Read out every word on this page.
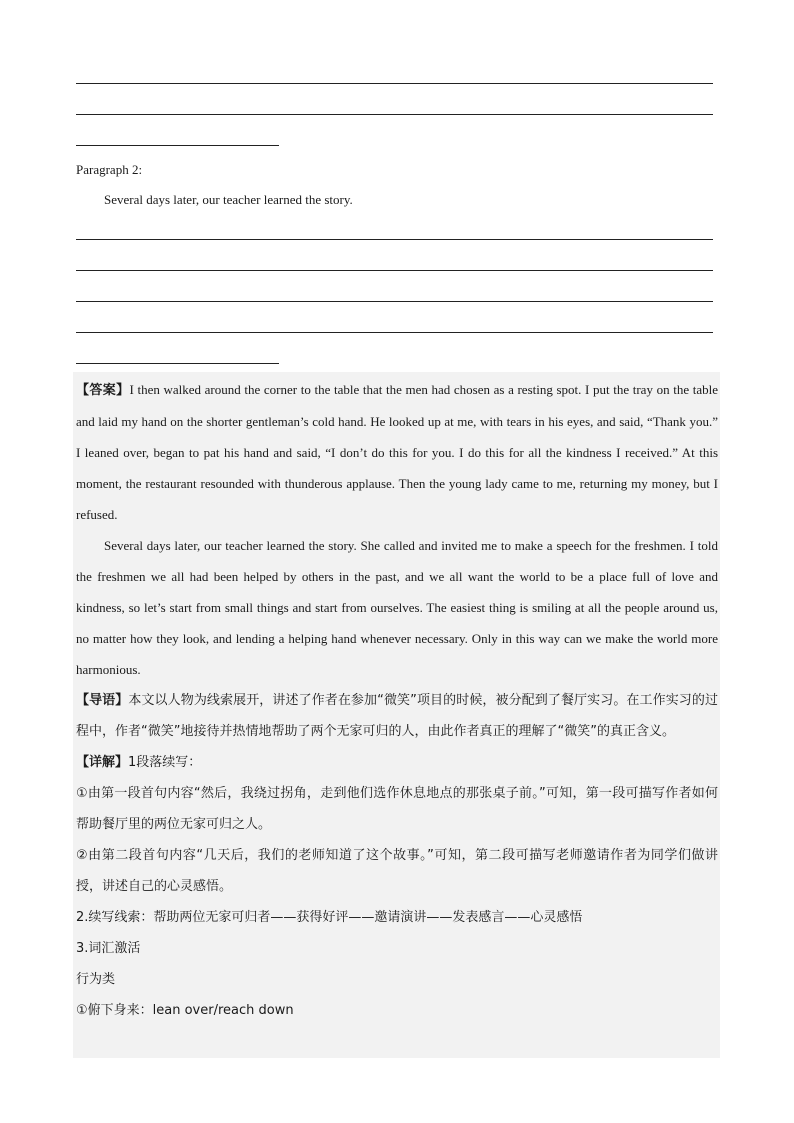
Paragraph 2:
Several days later, our teacher learned the story.

【答案】I then walked around the corner to the table that the men had chosen as a resting spot. I put the tray on the table and laid my hand on the shorter gentleman’s cold hand. He looked up at me, with tears in his eyes, and said, “Thank you.” I leaned over, began to pat his hand and said, “I don’t do this for you. I do this for all the kindness I received.” At this moment, the restaurant resounded with thunderous applause. Then the young lady came to me, returning my money, but I refused.

Several days later, our teacher learned the story. She called and invited me to make a speech for the freshmen. I told the freshmen we all had been helped by others in the past, and we all want the world to be a place full of love and kindness, so let’s start from small things and start from ourselves. The easiest thing is smiling at all the people around us, no matter how they look, and lending a helping hand whenever necessary. Only in this way can we make the world more harmonious.

【导语】本文以人物为线索展开，讲述了作者在参加“微笑”项目的时候，被分配到了餐厅实习。在工作实习的过程中，作者“微笑”地接待并热情地帮助了两个无家可归的人，由此作者真正的理解了“微笑”的真正含义。

【详解】1段落续写：

①由第一段首句内容“然后，我绕过拐角，走到他们选作休息地点的那张桌子前。”可知，第一段可描写作者如何帮助餐厅里的两位无家可归之人。

②由第二段首句内容“几天后，我们的老师知道了这个故事。”可知，第二段可描写老师邀请作者为同学们做讲授，讲述自己的心灵感悟。

2.续写线索：帮助两位无家可归者——获得好评——邀请演讲——发表感言——心灵感悟

3.词汇激活

行为类

①俯下身来：lean over/reach down
